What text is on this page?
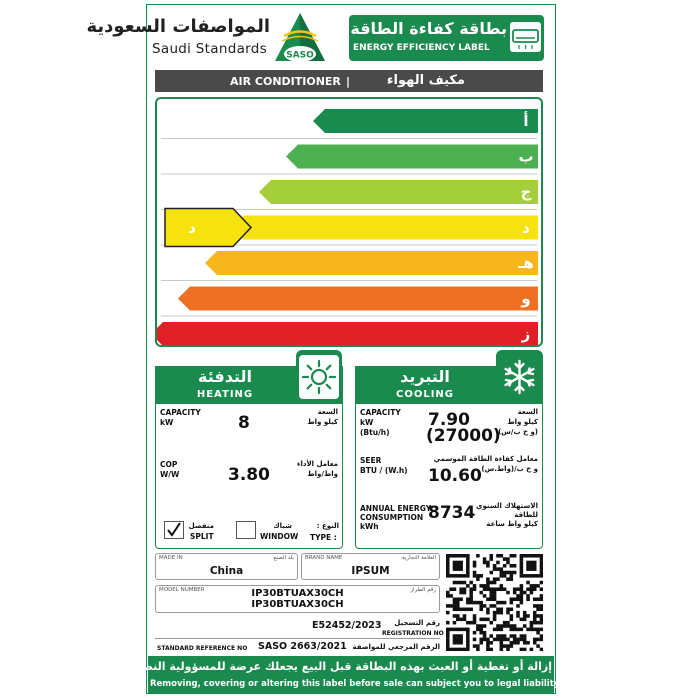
المواصفات السعودية
Saudi Standards SASO
بطاقة كفاءة الطاقة
ENERGY EFFICIENCY LABEL
AIR CONDITIONER |	مكيف الهواء
أ
ب
ج
د
هـ
و
ز
د
التدفئة
HEATING
CAPACITY
kW	8
السعة
كيلو واط
COP
W/W	3.80
معامل الأداء
واط/واط
منفصل
SPLIT
شباك
WINDOW
النوع :
TYPE :
التبريد
COOLING
CAPACITY
kW
(Btu/h)
7.90
(27000)
السعة
كيلو واط
(و ح ب/س)
SEER
BTU / (W.h) 10.60
معامل كفاءة الطاقة الموسمي
و ح ب/(واط.س)
ANNUAL ENERGY
CONSUMPTION
kWh
8734 الاستهلاك السنوي
للطاقة
كيلو واط ساعة
MADE IN	بلد الصنع
China
BRAND NAME	العلامة التجارية
IPSUM
MODEL NUMBER	رقم الطراز
IP30BTUAX30CH
IP30BTUAX30CH
E52452/2023	رقم التسجيل
REGISTRATION NO
STANDARD REFERENCE NO SASO 2663/2021 الرقم المرجعي للمواصفة
إزالة أو تغطية أو العبث بهذه البطاقة قبل البيع يجعلك عرضة للمسؤولية النظامية
Removing, covering or altering this label before sale can subject you to legal liability
